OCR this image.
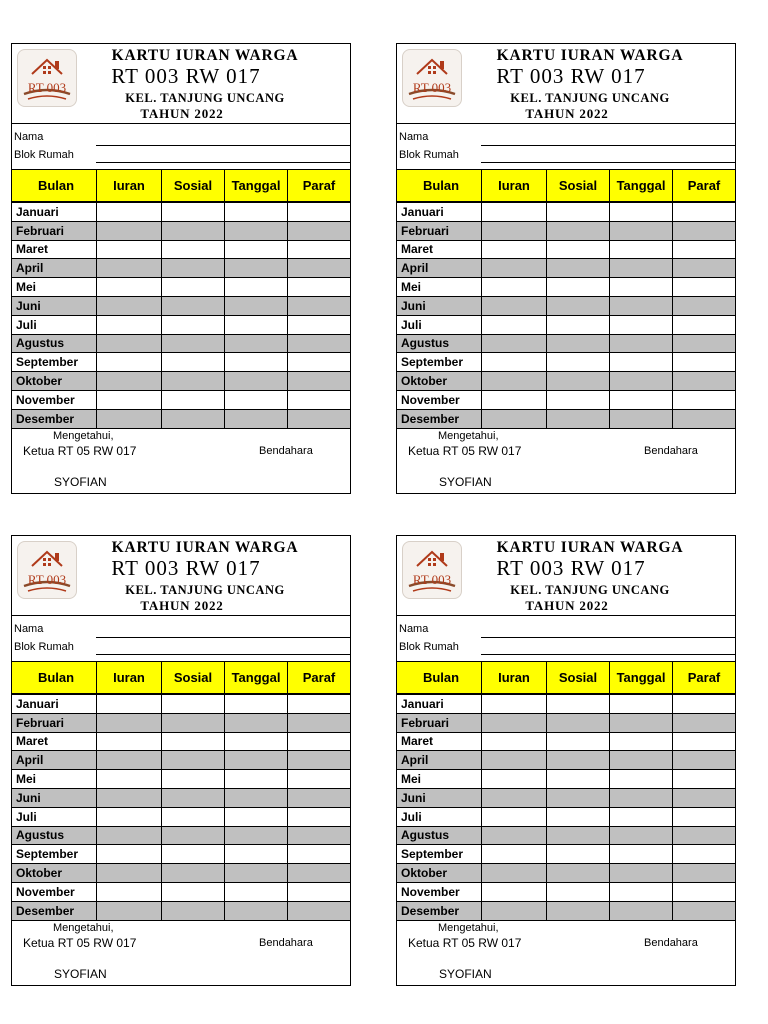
RT 003
KARTU IURAN WARGA
RT 003 RW 017
KEL. TANJUNG UNCANG
TAHUN 2022
Nama
Blok Rumah
Bulan	Iuran	Sosial	Tanggal	Paraf
Januari
Februari
Maret
April
Mei
Juni
Juli
Agustus
September
Oktober
November
Desember
Mengetahui,
Ketua RT 05 RW 017	Bendahara
SYOFIAN
RT 003
KARTU IURAN WARGA
RT 003 RW 017
KEL. TANJUNG UNCANG
TAHUN 2022
Nama
Blok Rumah
Bulan	Iuran	Sosial	Tanggal	Paraf
Januari
Februari
Maret
April
Mei
Juni
Juli
Agustus
September
Oktober
November
Desember
Mengetahui,
Ketua RT 05 RW 017	Bendahara
SYOFIAN
RT 003
KARTU IURAN WARGA
RT 003 RW 017
KEL. TANJUNG UNCANG
TAHUN 2022
Nama
Blok Rumah
Bulan	Iuran	Sosial	Tanggal	Paraf
Januari
Februari
Maret
April
Mei
Juni
Juli
Agustus
September
Oktober
November
Desember
Mengetahui,
Ketua RT 05 RW 017	Bendahara
SYOFIAN
RT 003
KARTU IURAN WARGA
RT 003 RW 017
KEL. TANJUNG UNCANG
TAHUN 2022
Nama
Blok Rumah
Bulan	Iuran	Sosial	Tanggal	Paraf
Januari
Februari
Maret
April
Mei
Juni
Juli
Agustus
September
Oktober
November
Desember
Mengetahui,
Ketua RT 05 RW 017	Bendahara
SYOFIAN
